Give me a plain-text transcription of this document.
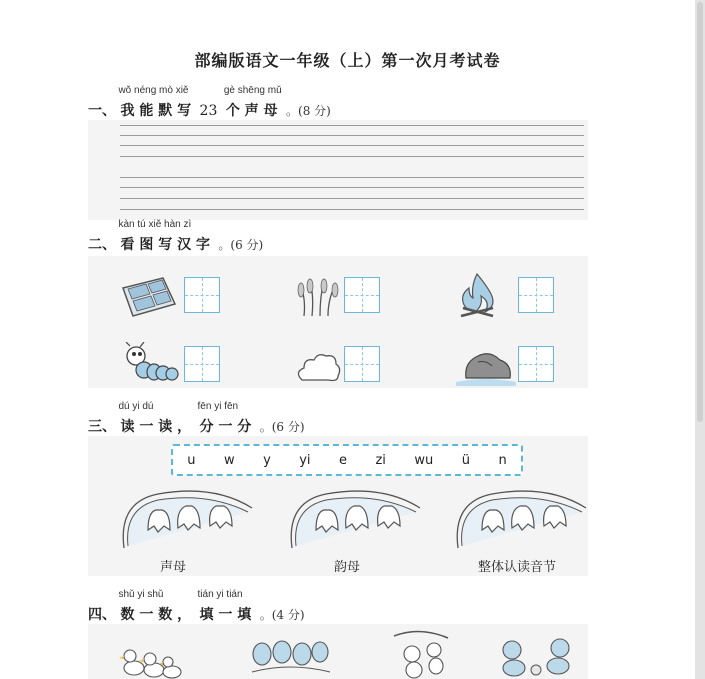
部编版语文一年级（上）第一次月考试卷
一、
wǒ néng mò xiě
我 能 默 写 23
gè shēng mǔ
个 声 母 。(8 分)
二、
kàn tú xiě hàn zì
看 图 写 汉 字 。(6 分)
三、
dú yi dú
读 一 读 ，
fēn yi fēn
分 一 分 。(6 分)
u w y yi e zi wu ü n
声母	韵母	整体认读音节
四、
shǔ yi shǔ
数 一 数 ，
tián yi tián
填 一 填 。(4 分)
